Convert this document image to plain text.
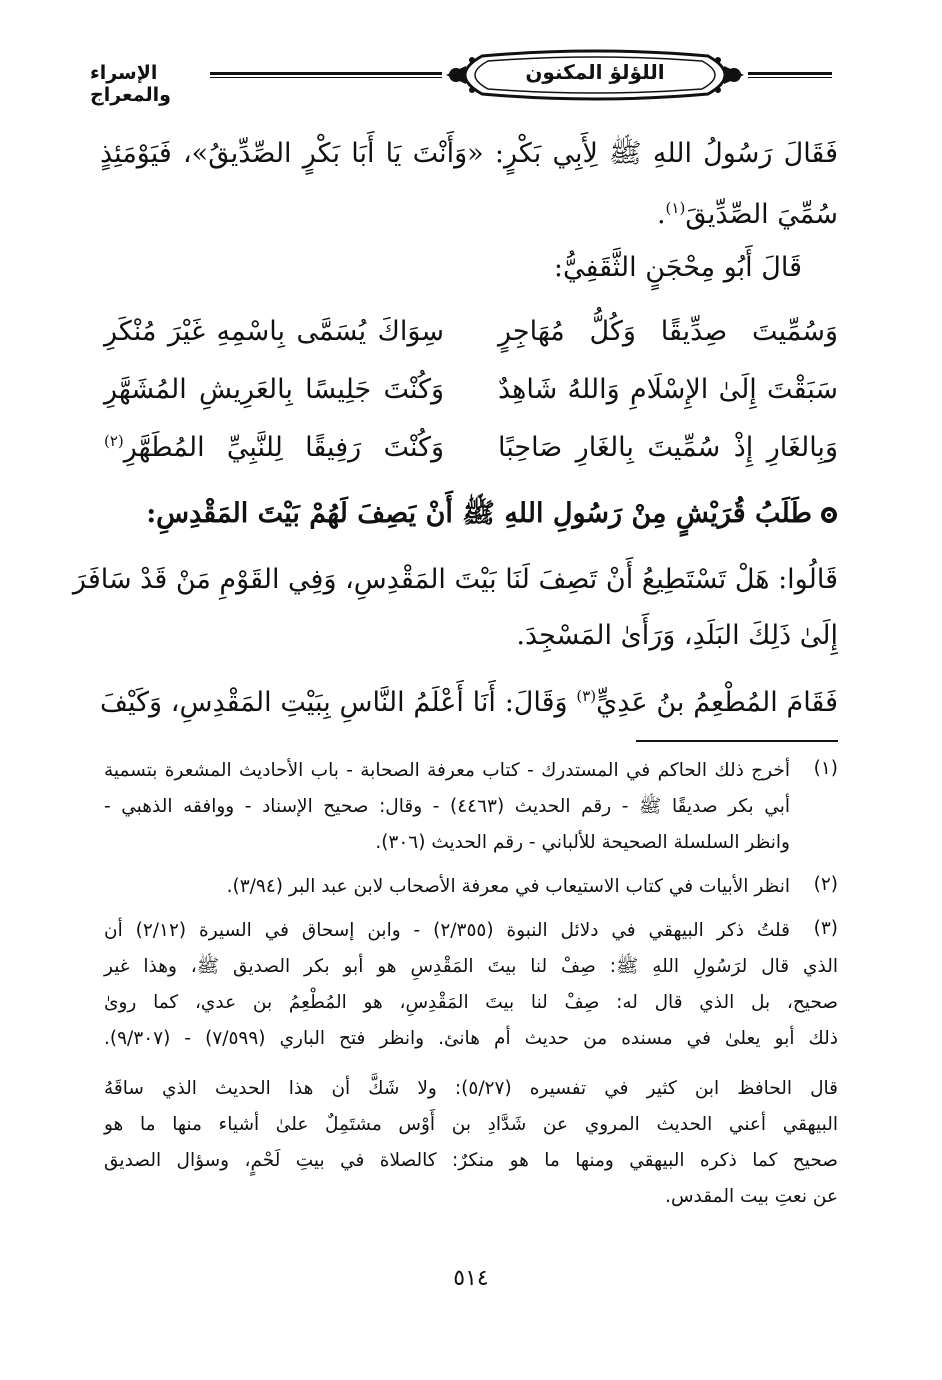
الإسراء والمعراج
اللؤلؤ المكنون
فَقَالَ رَسُولُ اللهِ ﷺ لِأَبِي بَكْرٍ: «وَأَنْتَ يَا أَبَا بَكْرٍ الصِّدِّيقُ»، فَيَوْمَئِذٍ
سُمِّيَ الصِّدِّيقَ$^{(١)}$.
قَالَ أَبُو مِحْجَنٍ الثَّقَفِيُّ:
وَسُمِّيتَ صِدِّيقًا وَكُلُّ مُهَاجِرٍ
سِوَاكَ يُسَمَّى بِاسْمِهِ غَيْرَ مُنْكَرِ
سَبَقْتَ إِلَىٰ الإِسْلَامِ وَاللهُ شَاهِدٌ
وَكُنْتَ جَلِيسًا بِالعَرِيشِ المُشَهَّرِ
وَبِالغَارِ إِذْ سُمِّيتَ بِالغَارِ صَاحِبًا
وَكُنْتَ رَفِيقًا لِلنَّبِيِّ المُطَهَّرِ$^{(٢)}$
طَلَبُ قُرَيْشٍ مِنْ رَسُولِ اللهِ ﷺ أَنْ يَصِفَ لَهُمْ بَيْتَ المَقْدِسِ:
قَالُوا: هَلْ تَسْتَطِيعُ أَنْ تَصِفَ لَنَا بَيْتَ المَقْدِسِ، وَفِي القَوْمِ مَنْ قَدْ سَافَرَ
إِلَىٰ ذَلِكَ البَلَدِ، وَرَأَىٰ المَسْجِدَ.
فَقَامَ المُطْعِمُ بنُ عَدِيٍّ$^{(٣)}$ وَقَالَ: أَنَا أَعْلَمُ النَّاسِ بِبَيْتِ المَقْدِسِ، وَكَيْفَ
(١)
أخرج ذلك الحاكم في المستدرك - كتاب معرفة الصحابة - باب الأحاديث المشعرة بتسمية
أبي بكر صديقًا ﷺ - رقم الحديث (٤٤٦٣) - وقال: صحيح الإسناد - ووافقه الذهبي -
وانظر السلسلة الصحيحة للألباني - رقم الحديث (٣٠٦).
(٢)
انظر الأبيات في كتاب الاستيعاب في معرفة الأصحاب لابن عبد البر (٣/٩٤).
(٣)
قلتُ ذكر البيهقي في دلائل النبوة (٢/٣٥٥) - وابن إسحاق في السيرة (٢/١٢) أن
الذي قال لرَسُولِ اللهِ ﷺ: صِفْ لنا بيتَ المَقْدِسِ هو أبو بكر الصديق ﷺ، وهذا غير
صحيح، بل الذي قال له: صِفْ لنا بيتَ المَقْدِسِ، هو المُطْعِمُ بن عدي، كما روىٰ
ذلك أبو يعلىٰ في مسنده من حديث أم هانئ. وانظر فتح الباري (٧/٥٩٩) - (٩/٣٠٧).
قال الحافظ ابن كثير في تفسيره (٥/٢٧): ولا شَكَّ أن هذا الحديث الذي ساقَهُ
البيهقي أعني الحديث المروي عن شَدَّادِ بن أَوْس مشتَمِلٌ علىٰ أشياء منها ما هو
صحيح كما ذكره البيهقي ومنها ما هو منكرٌ: كالصلاة في بيتِ لَحْمٍ، وسؤال الصديق
عن نعتِ بيت المقدس.
٥١٤
